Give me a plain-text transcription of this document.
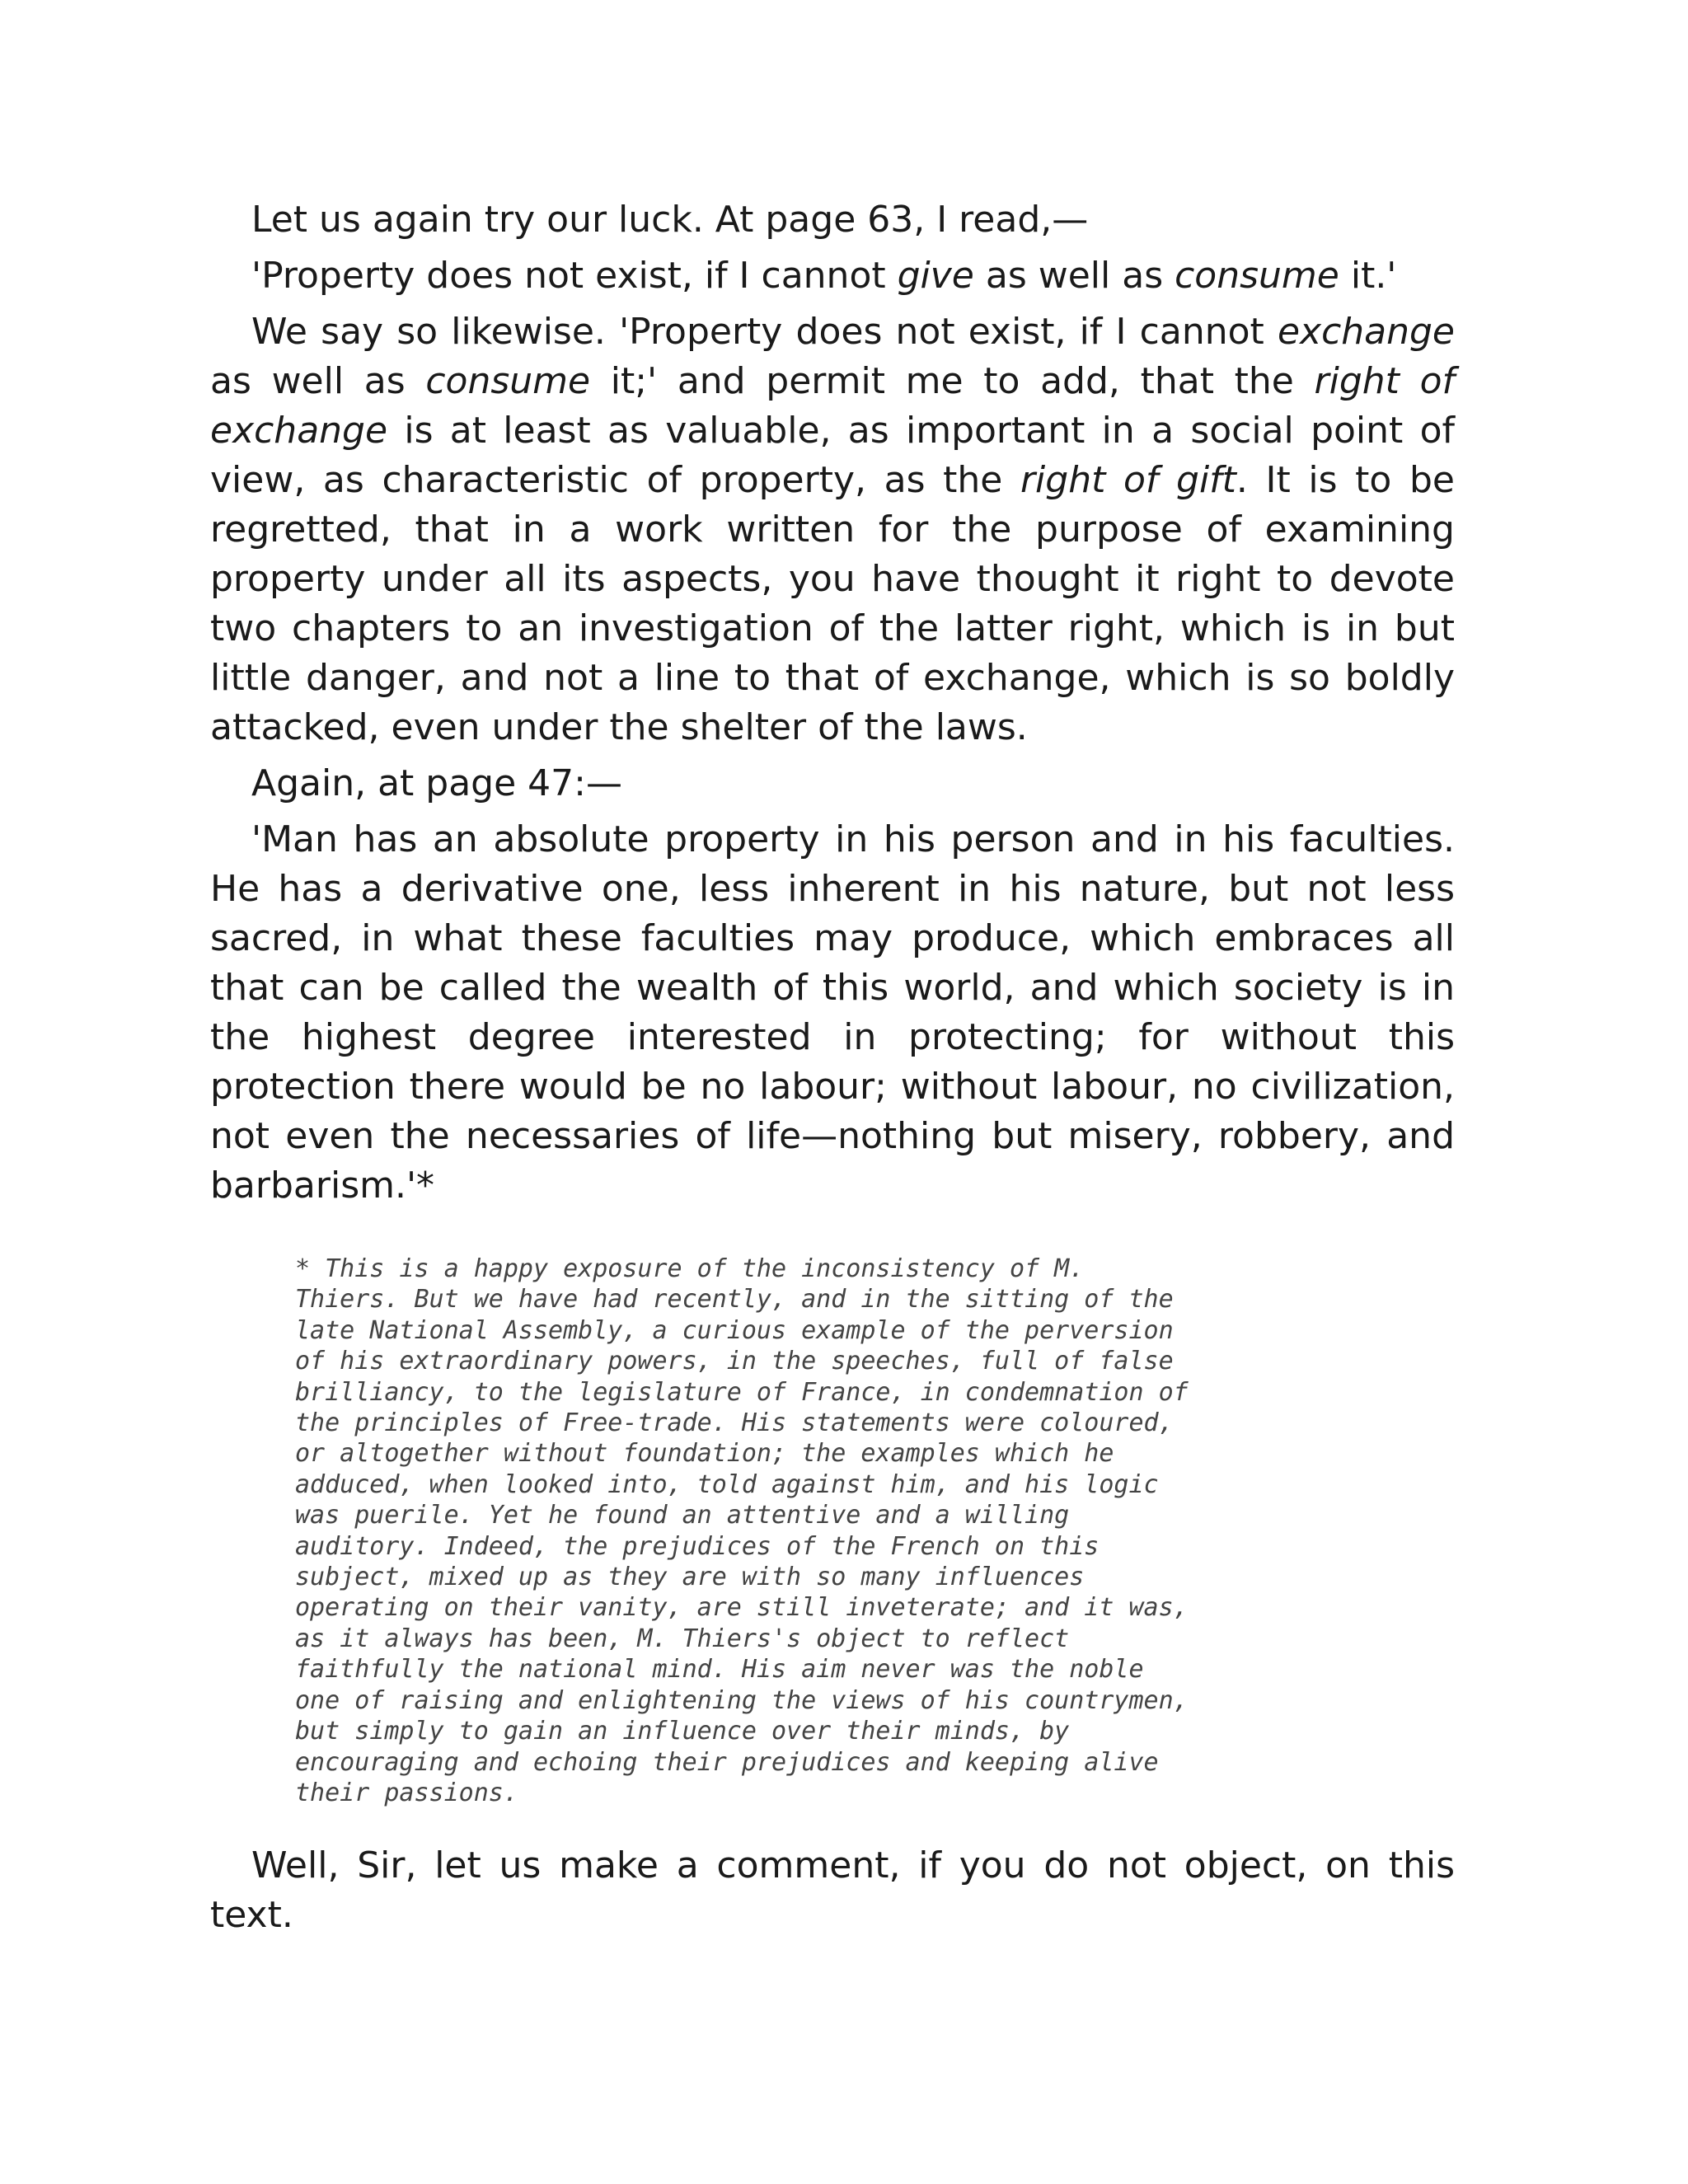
Let us again try our luck. At page 63, I read,—

'Property does not exist, if I cannot give as well as consume it.'

We say so likewise. 'Property does not exist, if I cannot exchange as well as consume it;' and permit me to add, that the right of exchange is at least as valuable, as important in a social point of view, as characteristic of property, as the right of gift. It is to be regretted, that in a work written for the purpose of examining property under all its aspects, you have thought it right to devote two chapters to an investigation of the latter right, which is in but little danger, and not a line to that of exchange, which is so boldly attacked, even under the shelter of the laws.

Again, at page 47:—

'Man has an absolute property in his person and in his faculties. He has a derivative one, less inherent in his nature, but not less sacred, in what these faculties may produce, which embraces all that can be called the wealth of this world, and which society is in the highest degree interested in protecting; for without this protection there would be no labour; without labour, no civilization, not even the necessaries of life—nothing but misery, robbery, and barbarism.'*

* This is a happy exposure of the inconsistency of M.
Thiers. But we have had recently, and in the sitting of the
late National Assembly, a curious example of the perversion
of his extraordinary powers, in the speeches, full of false
brilliancy, to the legislature of France, in condemnation of
the principles of Free-trade. His statements were coloured,
or altogether without foundation; the examples which he
adduced, when looked into, told against him, and his logic
was puerile. Yet he found an attentive and a willing
auditory. Indeed, the prejudices of the French on this
subject, mixed up as they are with so many influences
operating on their vanity, are still inveterate; and it was,
as it always has been, M. Thiers's object to reflect
faithfully the national mind. His aim never was the noble
one of raising and enlightening the views of his countrymen,
but simply to gain an influence over their minds, by
encouraging and echoing their prejudices and keeping alive
their passions.

Well, Sir, let us make a comment, if you do not object, on this text.
